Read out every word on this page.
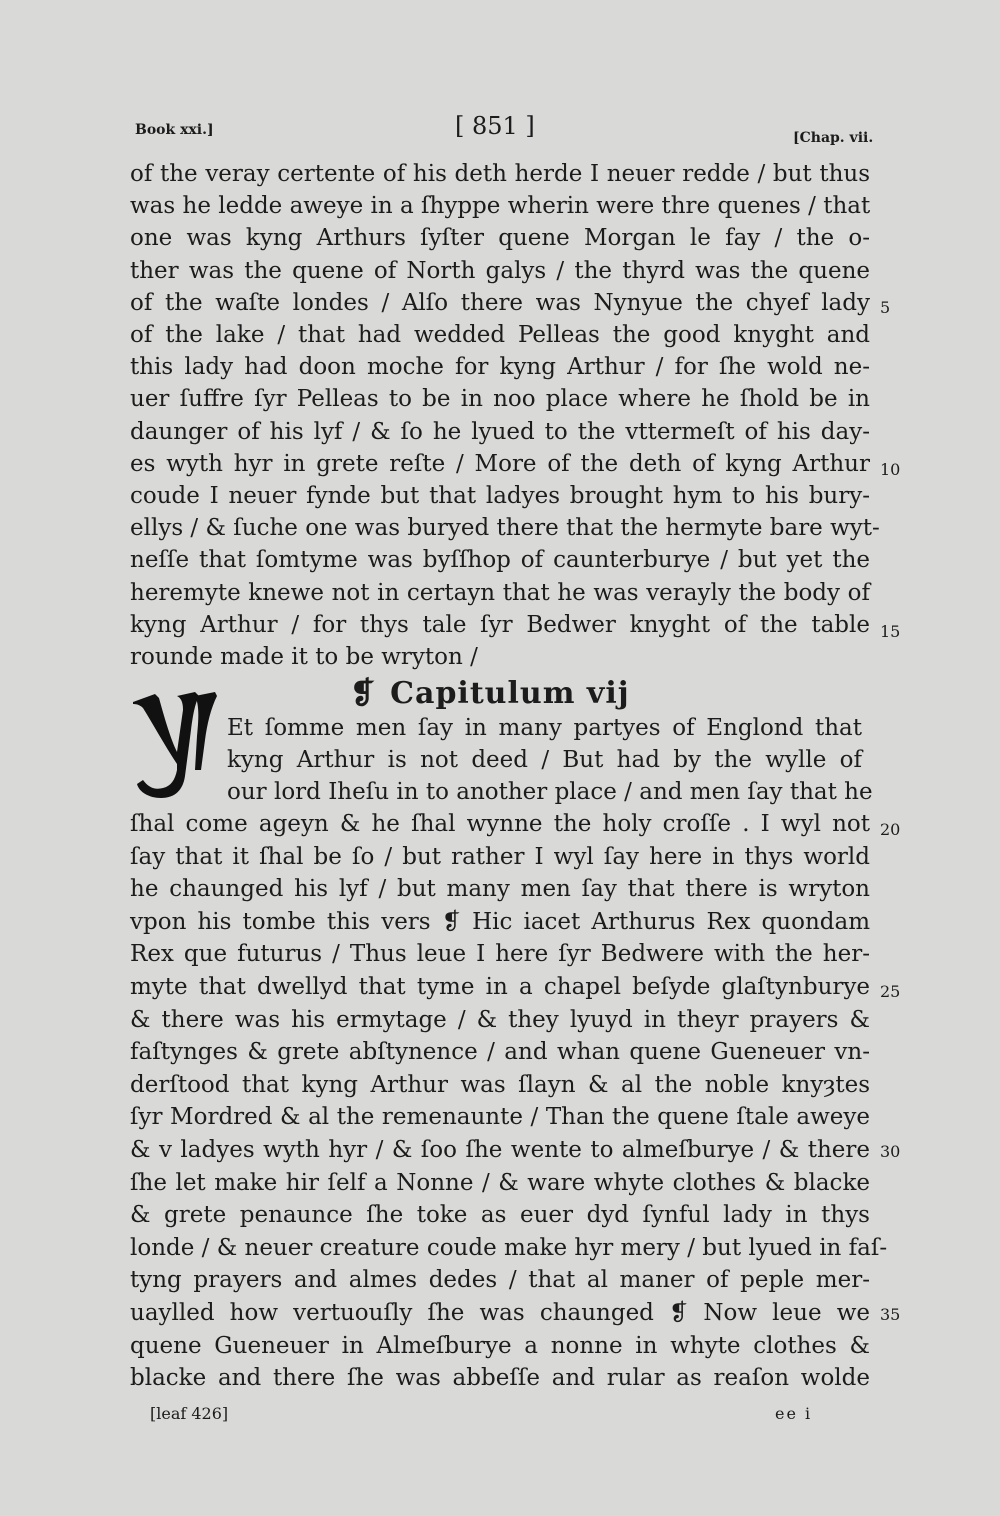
Book xxi.]	[ 851 ]	[Chap. vii.
of the veray certente of his deth herde I neuer redde / but thus
was he ledde aweye in a ſhyppe wherin were thre quenes / that
one was kyng Arthurs ſyſter quene Morgan le fay / the o-
ther was the quene of North galys / the thyrd was the quene
of the waſte londes / Alſo there was Nynyue the chyef lady
of the lake / that had wedded Pelleas the good knyght and
this lady had doon moche for kyng Arthur / for ſhe wold ne-
uer ſuffre ſyr Pelleas to be in noo place where he ſhold be in
daunger of his lyf / & ſo he lyued to the vttermeſt of his day-
es wyth hyr in grete reſte / More of the deth of kyng Arthur
coude I neuer fynde but that ladyes brought hym to his bury-
ellys / & ſuche one was buryed there that the hermyte bare wyt-
neſſe that ſomtyme was byſſhop of caunterburye / but yet the
heremyte knewe not in certayn that he was verayly the body of
kyng Arthur / for thys tale ſyr Bedwer knyght of the table
rounde made it to be wryton /
❡ Capitulum vij
Et ſomme men ſay in many partyes of Englond that
kyng Arthur is not deed / But had by the wylle of
our lord Iheſu in to another place / and men ſay that he
ſhal come ageyn & he ſhal wynne the holy croſſe . I wyl not
ſay that it ſhal be ſo / but rather I wyl ſay here in thys world
he chaunged his lyf / but many men ſay that there is wryton
vpon his tombe this vers ❡ Hic iacet Arthurus Rex quondam
Rex que futurus / Thus leue I here ſyr Bedwere with the her-
myte that dwellyd that tyme in a chapel beſyde glaſtynburye
& there was his ermytage / & they lyuyd in theyr prayers &
faſtynges & grete abſtynence / and whan quene Gueneuer vn-
derſtood that kyng Arthur was ſlayn & al the noble knyȝtes
ſyr Mordred & al the remenaunte / Than the quene ſtale aweye
& v ladyes wyth hyr / & ſoo ſhe wente to almeſburye / & there
ſhe let make hir ſelf a Nonne / & ware whyte clothes & blacke
& grete penaunce ſhe toke as euer dyd ſynful lady in thys
londe / & neuer creature coude make hyr mery / but lyued in faſ-
tyng prayers and almes dedes / that al maner of peple mer-
uaylled how vertuouſly ſhe was chaunged ❡ Now leue we
quene Gueneuer in Almeſburye a nonne in whyte clothes &
blacke and there ſhe was abbeſſe and rular as reaſon wolde
5
10
15
20
25
30
35
[leaf 426]	ee i
